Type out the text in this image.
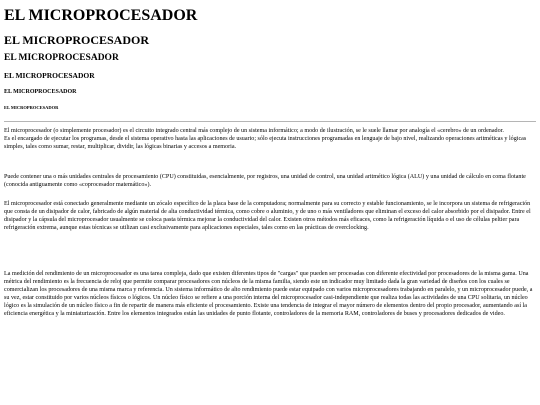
EL MICROPROCESADOR
EL MICROPROCESADOR
EL MICROPROCESADOR
EL MICROPROCESADOR
EL MICROPROCESADOR
EL MICROPROCESADOR

El microprocesador (o simplemente procesador) es el circuito integrado central más complejo de un sistema informático; a modo de ilustración, se le suele llamar por analogía el «cerebro» de un ordenador.
Es el encargado de ejecutar los programas, desde el sistema operativo hasta las aplicaciones de usuario; sólo ejecuta instrucciones programadas en lenguaje de bajo nivel, realizando operaciones aritméticas y lógicas simples, tales como sumar, restar, multiplicar, dividir, las lógicas binarias y accesos a memoria.

Puede contener una o más unidades centrales de procesamiento (CPU) constituidas, esencialmente, por registros, una unidad de control, una unidad aritmético lógica (ALU) y una unidad de cálculo en coma flotante (conocida antiguamente como «coprocesador matemático»).

El microprocesador está conectado generalmente mediante un zócalo específico de la placa base de la computadora; normalmente para su correcto y estable funcionamiento, se le incorpora un sistema de refrigeración que consta de un disipador de calor, fabricado de algún material de alta conductividad térmica, como cobre o aluminio, y de uno o más ventiladores que eliminan el exceso del calor absorbido por el disipador. Entre el disipador y la cápsula del microprocesador usualmente se coloca pasta térmica mejorar la conductividad del calor. Existen otros métodos más eficaces, como la refrigeración líquida o el uso de células peltier para refrigeración extrema, aunque estas técnicas se utilizan casi exclusivamente para aplicaciones especiales, tales como en las prácticas de overclocking.

La medición del rendimiento de un microprocesador es una tarea compleja, dado que existen diferentes tipos de "cargas" que pueden ser procesadas con diferente efectividad por procesadores de la misma gama. Una métrica del rendimiento es la frecuencia de reloj que permite comparar procesadores con núcleos de la misma familia, siendo este un indicador muy limitado dada la gran variedad de diseños con los cuales se comercializan los procesadores de una misma marca y referencia. Un sistema informático de alto rendimiento puede estar equipado con varios microprocesadores trabajando en paralelo, y un microprocesador puede, a su vez, estar constituido por varios núcleos físicos o lógicos. Un núcleo físico se refiere a una porción interna del microprocesador casi-independiente que realiza todas las actividades de una CPU solitaria, un núcleo lógico es la simulación de un núcleo físico a fin de repartir de manera más eficiente el procesamiento. Existe una tendencia de integrar el mayor número de elementos dentro del propio procesador, aumentando así la eficiencia energética y la miniaturización. Entre los elementos integrados están las unidades de punto flotante, controladores de la memoria RAM, controladores de buses y procesadores dedicados de video.
